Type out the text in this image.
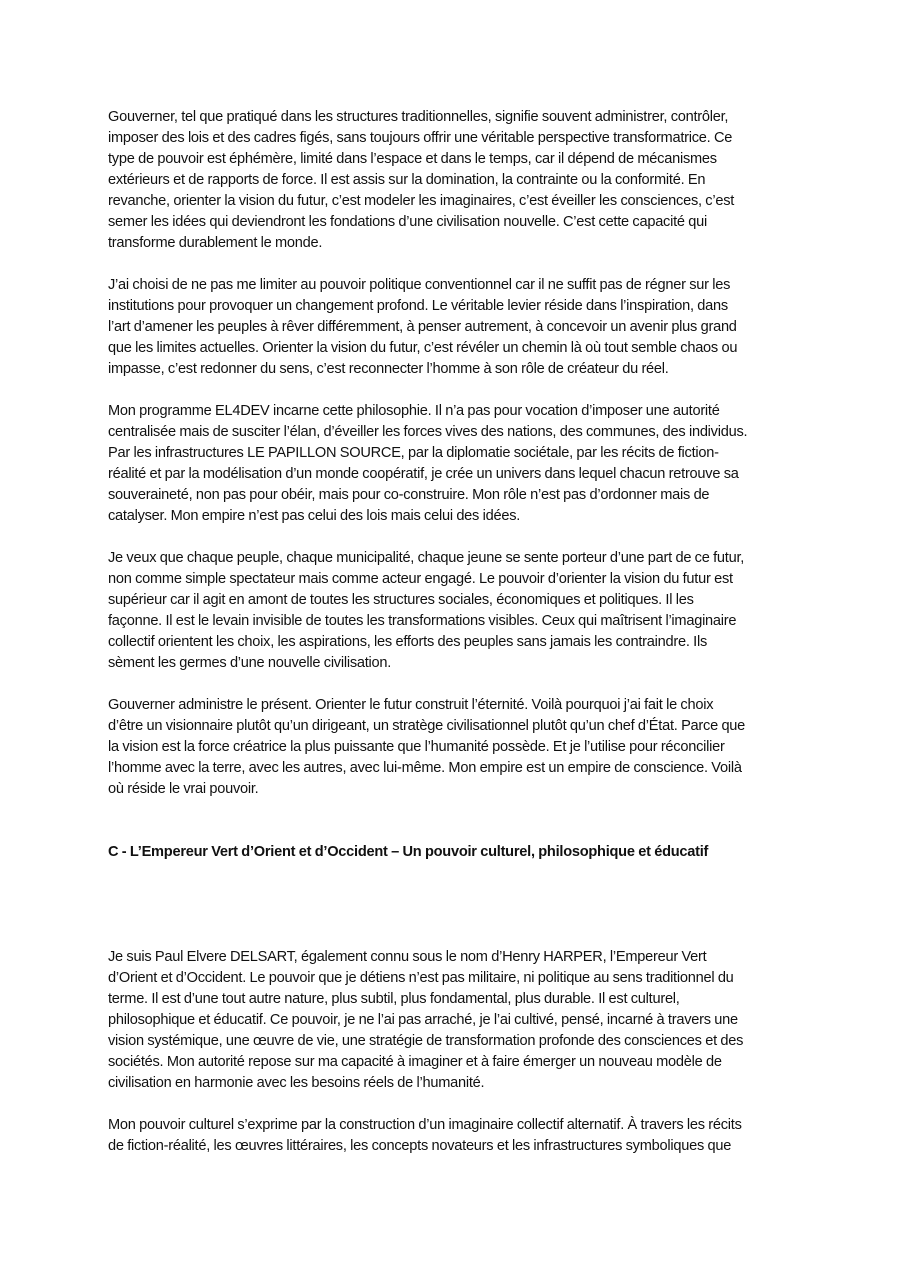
Gouverner, tel que pratiqué dans les structures traditionnelles, signifie souvent administrer, contrôler,
imposer des lois et des cadres figés, sans toujours offrir une véritable perspective transformatrice. Ce
type de pouvoir est éphémère, limité dans l’espace et dans le temps, car il dépend de mécanismes
extérieurs et de rapports de force. Il est assis sur la domination, la contrainte ou la conformité. En
revanche, orienter la vision du futur, c’est modeler les imaginaires, c’est éveiller les consciences, c’est
semer les idées qui deviendront les fondations d’une civilisation nouvelle. C’est cette capacité qui
transforme durablement le monde.

J’ai choisi de ne pas me limiter au pouvoir politique conventionnel car il ne suffit pas de régner sur les
institutions pour provoquer un changement profond. Le véritable levier réside dans l’inspiration, dans
l’art d’amener les peuples à rêver différemment, à penser autrement, à concevoir un avenir plus grand
que les limites actuelles. Orienter la vision du futur, c’est révéler un chemin là où tout semble chaos ou
impasse, c’est redonner du sens, c’est reconnecter l’homme à son rôle de créateur du réel.

Mon programme EL4DEV incarne cette philosophie. Il n’a pas pour vocation d’imposer une autorité
centralisée mais de susciter l’élan, d’éveiller les forces vives des nations, des communes, des individus.
Par les infrastructures LE PAPILLON SOURCE, par la diplomatie sociétale, par les récits de fiction-
réalité et par la modélisation d’un monde coopératif, je crée un univers dans lequel chacun retrouve sa
souveraineté, non pas pour obéir, mais pour co-construire. Mon rôle n’est pas d’ordonner mais de
catalyser. Mon empire n’est pas celui des lois mais celui des idées.

Je veux que chaque peuple, chaque municipalité, chaque jeune se sente porteur d’une part de ce futur,
non comme simple spectateur mais comme acteur engagé. Le pouvoir d’orienter la vision du futur est
supérieur car il agit en amont de toutes les structures sociales, économiques et politiques. Il les
façonne. Il est le levain invisible de toutes les transformations visibles. Ceux qui maîtrisent l’imaginaire
collectif orientent les choix, les aspirations, les efforts des peuples sans jamais les contraindre. Ils
sèment les germes d’une nouvelle civilisation.

Gouverner administre le présent. Orienter le futur construit l’éternité. Voilà pourquoi j’ai fait le choix
d’être un visionnaire plutôt qu’un dirigeant, un stratège civilisationnel plutôt qu’un chef d’État. Parce que
la vision est la force créatrice la plus puissante que l’humanité possède. Et je l’utilise pour réconcilier
l’homme avec la terre, avec les autres, avec lui-même. Mon empire est un empire de conscience. Voilà
où réside le vrai pouvoir.

C - L’Empereur Vert d’Orient et d’Occident – Un pouvoir culturel, philosophique et éducatif

Je suis Paul Elvere DELSART, également connu sous le nom d’Henry HARPER, l’Empereur Vert
d’Orient et d’Occident. Le pouvoir que je détiens n’est pas militaire, ni politique au sens traditionnel du
terme. Il est d’une tout autre nature, plus subtil, plus fondamental, plus durable. Il est culturel,
philosophique et éducatif. Ce pouvoir, je ne l’ai pas arraché, je l’ai cultivé, pensé, incarné à travers une
vision systémique, une œuvre de vie, une stratégie de transformation profonde des consciences et des
sociétés. Mon autorité repose sur ma capacité à imaginer et à faire émerger un nouveau modèle de
civilisation en harmonie avec les besoins réels de l’humanité.

Mon pouvoir culturel s’exprime par la construction d’un imaginaire collectif alternatif. À travers les récits
de fiction-réalité, les œuvres littéraires, les concepts novateurs et les infrastructures symboliques que
